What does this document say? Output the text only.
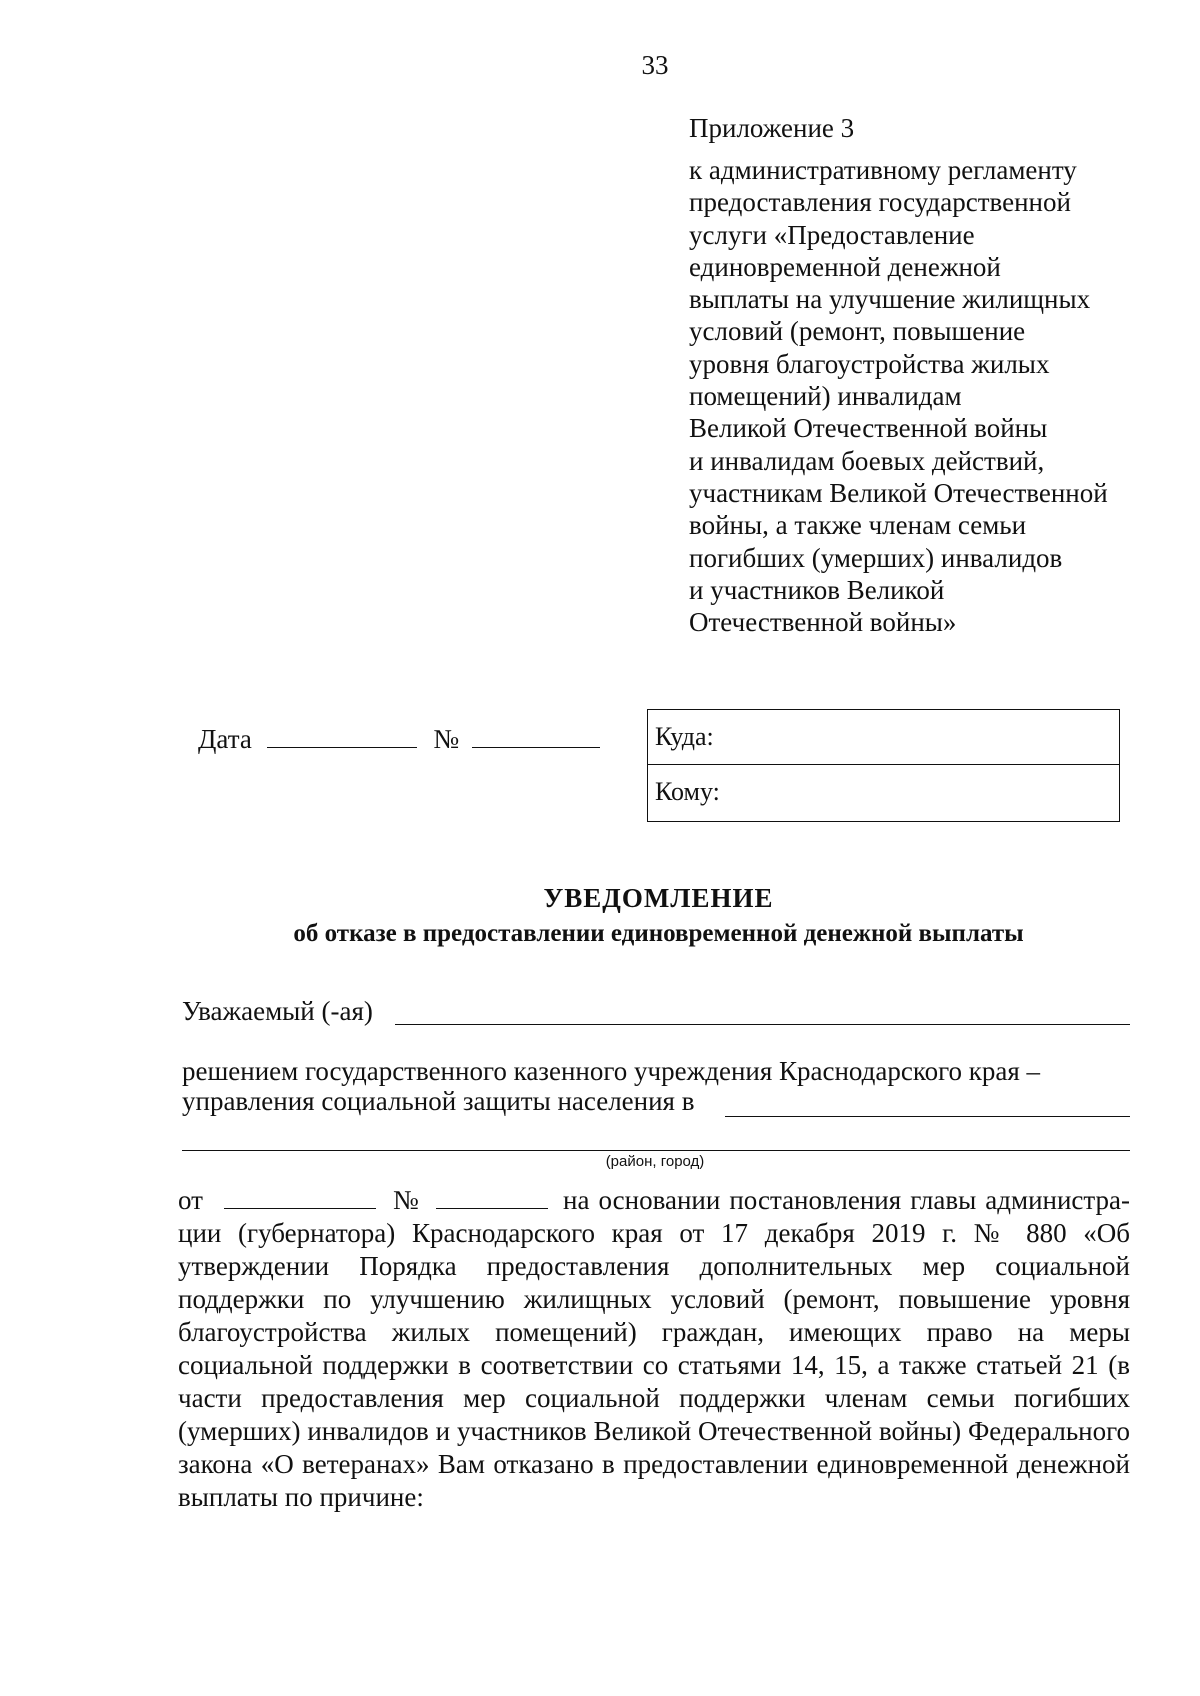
33
Приложение 3
к административному регламенту
предоставления государственной
услуги «Предоставление
единовременной денежной
выплаты на улучшение жилищных
условий (ремонт, повышение
уровня благоустройства жилых
помещений) инвалидам
Великой Отечественной войны
и инвалидам боевых действий,
участникам Великой Отечественной
войны, а также членам семьи
погибших (умерших) инвалидов
и участников Великой
Отечественной войны»
Дата	№	Куда:
Кому:
УВЕДОМЛЕНИЕ
об отказе в предоставлении единовременной денежной выплаты
Уважаемый (-ая)
решением государственного казенного учреждения Краснодарского края –
управления социальной защиты населения в
(район, город)
от	№	на основании постановления главы администра- ции (губернатора) Краснодарского края от 17 декабря 2019 г. № 880 «Об утверждении Порядка предоставления дополнительных мер социальной поддержки по улучшению жилищных условий (ремонт, повышение уровня благоустройства жилых помещений) граждан, имеющих право на меры социальной поддержки в соответствии со статьями 14, 15, а также статьей 21 (в части предоставления мер социальной поддержки членам семьи погибших (умерших) инвалидов и участников Великой Отечественной войны) Федерального закона «О ветеранах» Вам отказано в предоставлении единовременной денежной выплаты по причине:
